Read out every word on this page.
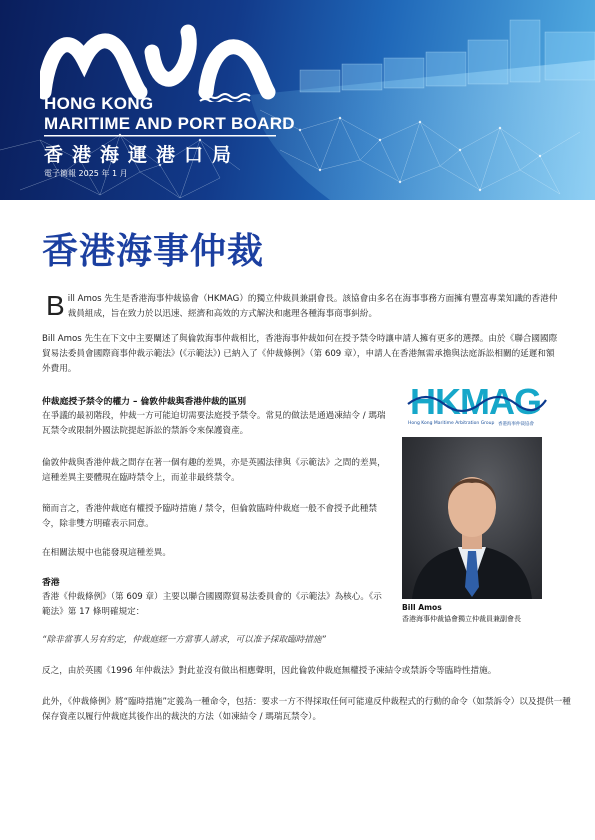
HONG KONG
MARITIME AND PORT BOARD
香港海運港口局
電子簡報 2025 年 1 月
香港海事仲裁
Bill Amos 先生是香港海事仲裁協會（HKMAG）的獨立仲裁員兼副會長。該協會由多名在海事事務方面擁有豐富專業知識的香港仲裁員組成，旨在致力於以迅速、經濟和高效的方式解決和處理各種海事商事糾紛。

Bill Amos 先生在下文中主要闡述了與倫敦海事仲裁相比，香港海事仲裁如何在授予禁令時讓申請人擁有更多的選擇。由於《聯合國國際貿易法委員會國際商事仲裁示範法》(《示範法》) 已納入了《仲裁條例》（第 609 章），申請人在香港無需承擔與法庭訴訟相關的延遲和額外費用。

仲裁庭授予禁令的權力 – 倫敦仲裁與香港仲裁的區別

在爭議的最初階段，仲裁一方可能迫切需要法庭授予禁令。常見的做法是通過凍結令 / 瑪瑞瓦禁令或限制外國法院提起訴訟的禁訴令來保護資產。

倫敦仲裁與香港仲裁之間存在著一個有趣的差異，亦是英國法律與《示範法》之間的差異，這種差異主要體現在臨時禁令上，而並非最終禁令。

簡而言之，香港仲裁庭有權授予臨時措施 / 禁令，但倫敦臨時仲裁庭一般不會授予此種禁令，除非雙方明確表示同意。

在相關法規中也能發現這種差異。

香港

香港《仲裁條例》（第 609 章）主要以聯合國國際貿易法委員會的《示範法》為核心。《示範法》第 17 條明確規定：

“除非當事人另有約定，仲裁庭經一方當事人請求，可以准予採取臨時措施”

反之，由於英國《1996 年仲裁法》對此並沒有做出相應聲明，因此倫敦仲裁庭無權授予凍結令或禁訴令等臨時性措施。

此外，《仲裁條例》將“臨時措施”定義為一種命令，包括：要求一方不得採取任何可能違反仲裁程式的行動的命令（如禁訴令）以及提供一種保存資產以履行仲裁庭其後作出的裁決的方法（如凍結令 / 瑪瑞瓦禁令）。

HKMAG
Hong Kong Maritime Arbitration Group 香港海事仲裁協會
Bill Amos
香港海事仲裁協會獨立仲裁員兼副會長
